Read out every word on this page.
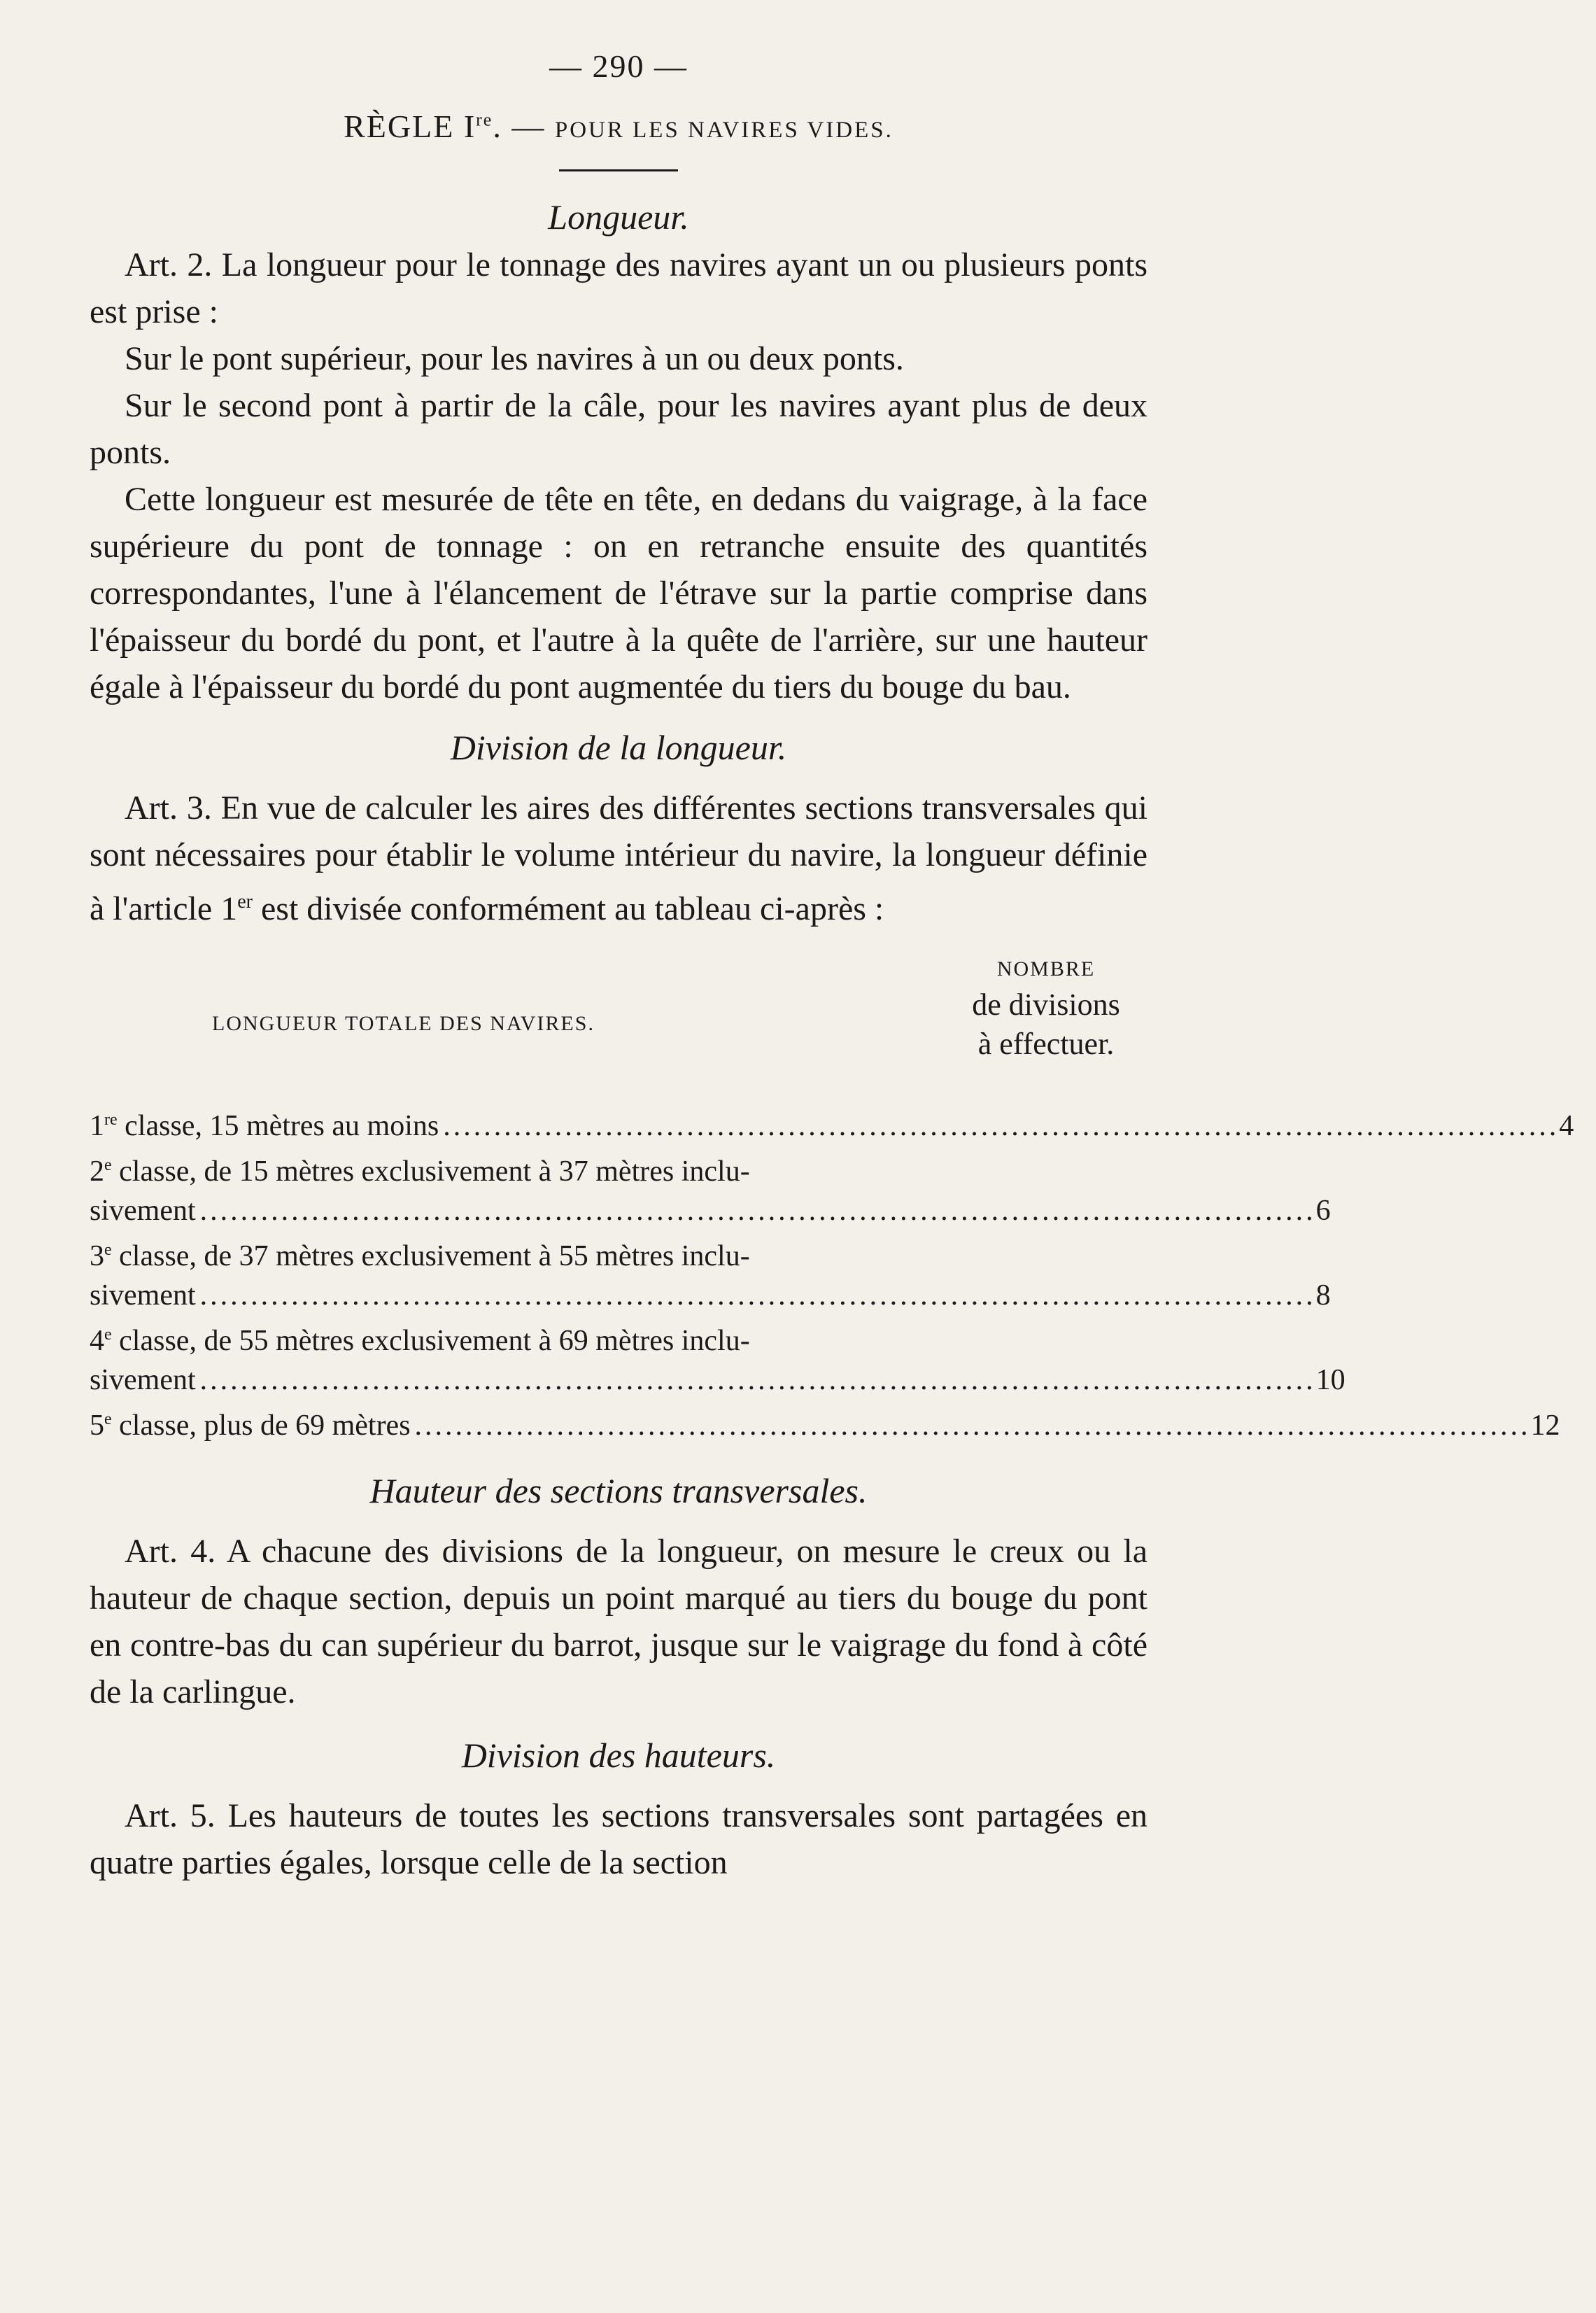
— 290 —
RÈGLE Ire. — POUR LES NAVIRES VIDES.
Longueur.

Art. 2. La longueur pour le tonnage des navires ayant un ou plusieurs ponts est prise :

Sur le pont supérieur, pour les navires à un ou deux ponts.

Sur le second pont à partir de la câle, pour les navires ayant plus de deux ponts.

Cette longueur est mesurée de tête en tête, en dedans du vaigrage, à la face supérieure du pont de tonnage : on en retranche ensuite des quantités correspondantes, l'une à l'élancement de l'étrave sur la partie comprise dans l'épaisseur du bordé du pont, et l'autre à la quête de l'arrière, sur une hauteur égale à l'épaisseur du bordé du pont augmentée du tiers du bouge du bau.

Division de la longueur.

Art. 3. En vue de calculer les aires des différentes sections transversales qui sont nécessaires pour établir le volume intérieur du navire, la longueur définie à l'article 1er est divisée conformément au tableau ci-après :

LONGUEUR TOTALE DES NAVIRES.
NOMBRE
de divisions
à effectuer.
1re classe, 15 mètres au moins .............................................................................................................. 4
2e classe, de 15 mètres exclusivement à 37 mètres inclu-
sivement .............................................................................................................. 6
3e classe, de 37 mètres exclusivement à 55 mètres inclu-
sivement .............................................................................................................. 8
4e classe, de 55 mètres exclusivement à 69 mètres inclu-
sivement .............................................................................................................. 10
5e classe, plus de 69 mètres .............................................................................................................. 12
Hauteur des sections transversales.

Art. 4. A chacune des divisions de la longueur, on mesure le creux ou la hauteur de chaque section, depuis un point marqué au tiers du bouge du pont en contre-bas du can supérieur du barrot, jusque sur le vaigrage du fond à côté de la carlingue.

Division des hauteurs.

Art. 5. Les hauteurs de toutes les sections transversales sont partagées en quatre parties égales, lorsque celle de la section
